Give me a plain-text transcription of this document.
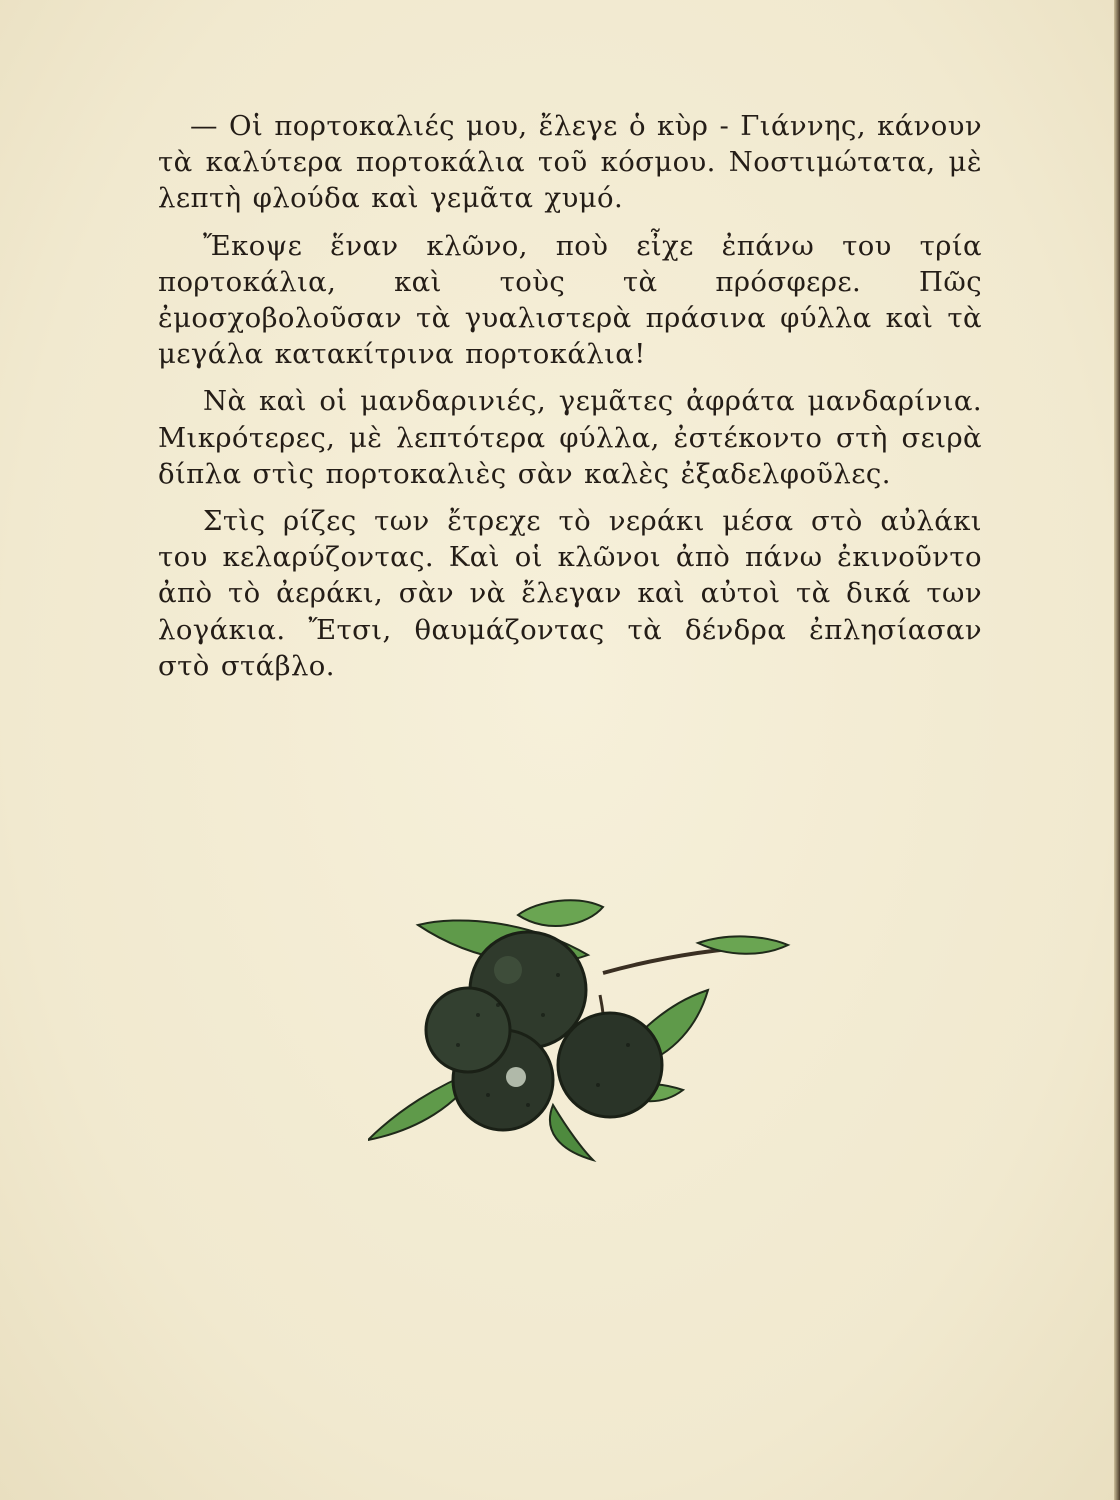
— Οἱ πορτοκαλιές μου, ἔλεγε ὁ κὺρ - Γιάννης, κάνουν τὰ καλύτερα πορτοκάλια τοῦ κόσμου. Νοστιμώτατα, μὲ λεπτὴ φλούδα καὶ γεμᾶτα χυμό.

Ἔκοψε ἕναν κλῶνο, ποὺ εἶχε ἐπάνω του τρία πορτοκάλια, καὶ τοὺς τὰ πρόσφερε. Πῶς ἐμοσχοβολοῦσαν τὰ γυαλιστερὰ πράσινα φύλλα καὶ τὰ μεγάλα κατακίτρινα πορτοκάλια!

Νὰ καὶ οἱ μανδαρινιές, γεμᾶτες ἀφράτα μανδαρίνια. Μικρότερες, μὲ λεπτότερα φύλλα, ἐστέκοντο στὴ σειρὰ δίπλα στὶς πορτοκαλιὲς σὰν καλὲς ἐξαδελφοῦλες.

Στὶς ρίζες των ἔτρεχε τὸ νεράκι μέσα στὸ αὐλάκι του κελαρύζοντας. Καὶ οἱ κλῶνοι ἀπὸ πάνω ἐκινοῦντο ἀπὸ τὸ ἀεράκι, σὰν νὰ ἔλεγαν καὶ αὐτοὶ τὰ δικά των λογάκια. Ἔτσι, θαυμάζοντας τὰ δένδρα ἐπλησίασαν στὸ στάβλο.
